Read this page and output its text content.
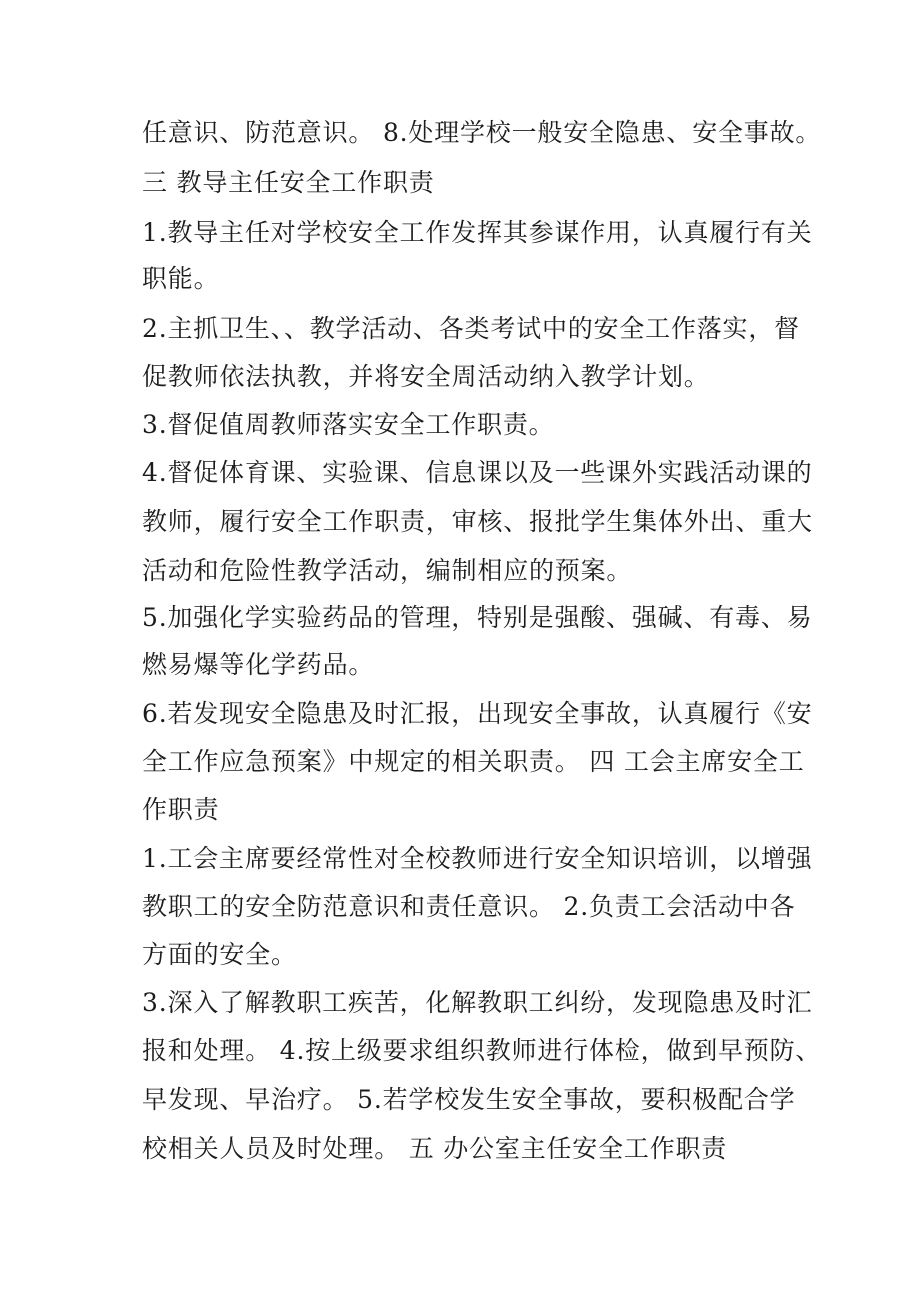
任意识、防范意识。 8.处理学校一般安全隐患、安全事故。
三 教导主任安全工作职责
1.教导主任对学校安全工作发挥其参谋作用，认真履行有关
职能。
2.主抓卫生、、教学活动、各类考试中的安全工作落实，督
促教师依法执教，并将安全周活动纳入教学计划。
3.督促值周教师落实安全工作职责。
4.督促体育课、实验课、信息课以及一些课外实践活动课的
教师，履行安全工作职责，审核、报批学生集体外出、重大
活动和危险性教学活动，编制相应的预案。
5.加强化学实验药品的管理，特别是强酸、强碱、有毒、易
燃易爆等化学药品。
6.若发现安全隐患及时汇报，出现安全事故，认真履行《安
全工作应急预案》中规定的相关职责。 四 工会主席安全工
作职责
1.工会主席要经常性对全校教师进行安全知识培训，以增强
教职工的安全防范意识和责任意识。 2.负责工会活动中各
方面的安全。
3.深入了解教职工疾苦，化解教职工纠纷，发现隐患及时汇
报和处理。 4.按上级要求组织教师进行体检，做到早预防、
早发现、早治疗。 5.若学校发生安全事故，要积极配合学
校相关人员及时处理。 五 办公室主任安全工作职责
